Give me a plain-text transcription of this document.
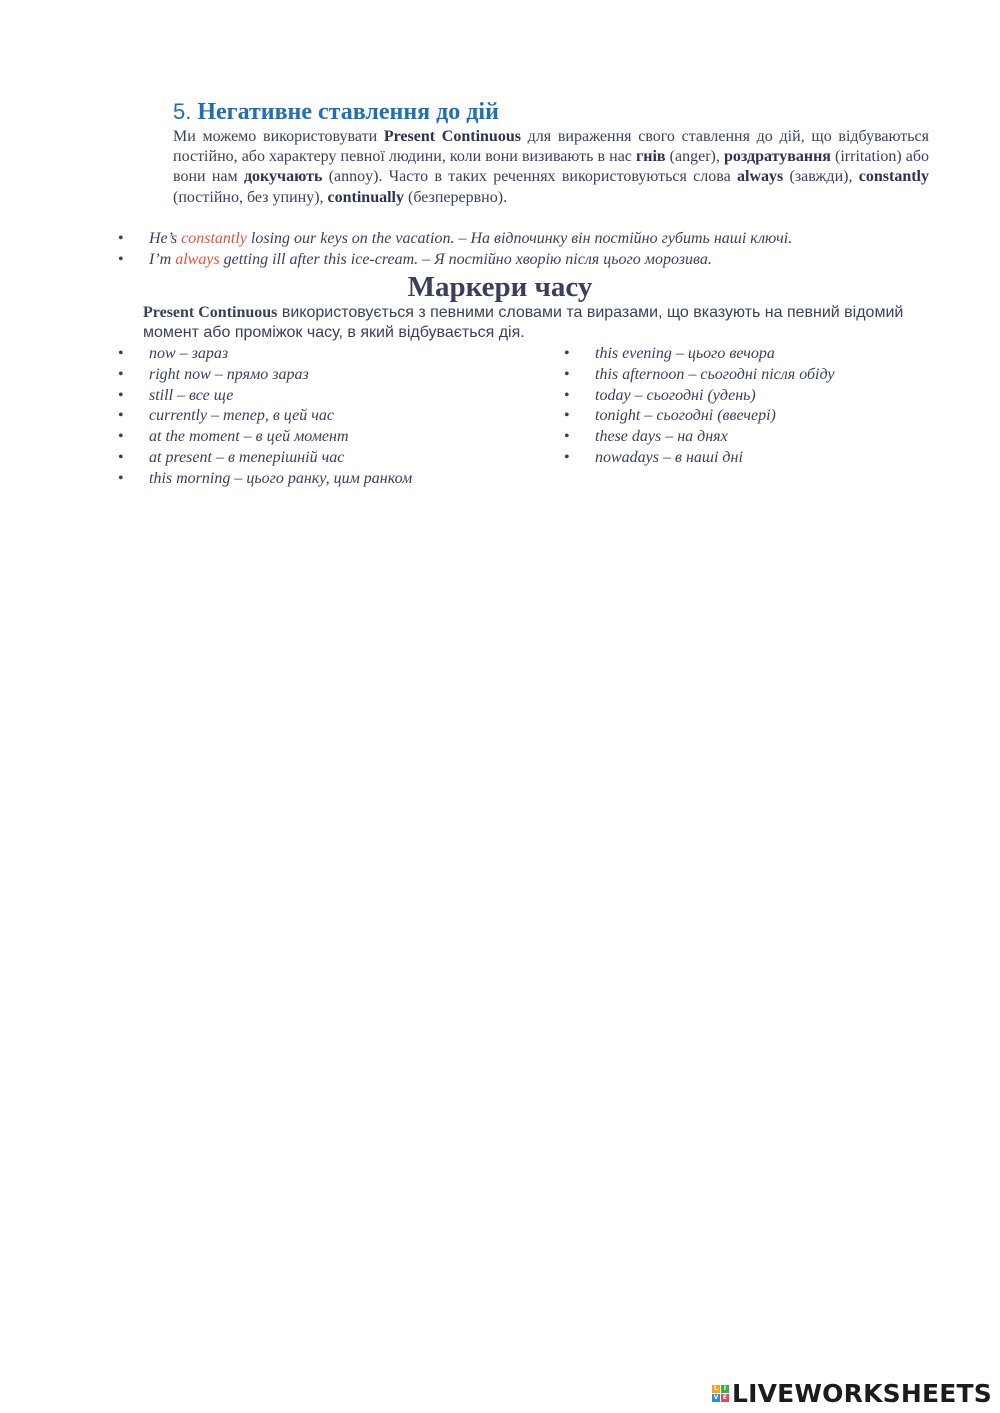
5. Негативне ставлення до дій
Ми можемо використовувати Present Continuous для вираження свого ставлення до дій, що відбуваються постійно, або характеру певної людини, коли вони визивають в нас гнів (anger), роздратування (irritation) або вони нам докучають (annoy). Часто в таких реченнях використовуються слова always (завжди), constantly (постійно, без упину), continually (безперервно).
• He’s constantly losing our keys on the vacation. – На відпочинку він постійно губить наші ключі.
• I’m always getting ill after this ice-cream. – Я постійно хворію після цього морозива.
Маркери часу
Present Continuous використовується з певними словами та виразами, що вказують на певний відомий момент або проміжок часу, в який відбувається дія.
• now – зараз
• right now – прямо зараз
• still – все ще
• currently – тепер, в цей час
• at the moment – в цей момент
• at present – в теперішній час
• this morning – цього ранку, цим ранком
• this evening – цього вечора
• this afternoon – сьогодні після обіду
• today – сьогодні (удень)
• tonight – сьогодні (ввечері)
• these days – на днях
• nowadays – в наші дні
L I
V E LIVEWORKSHEETS
